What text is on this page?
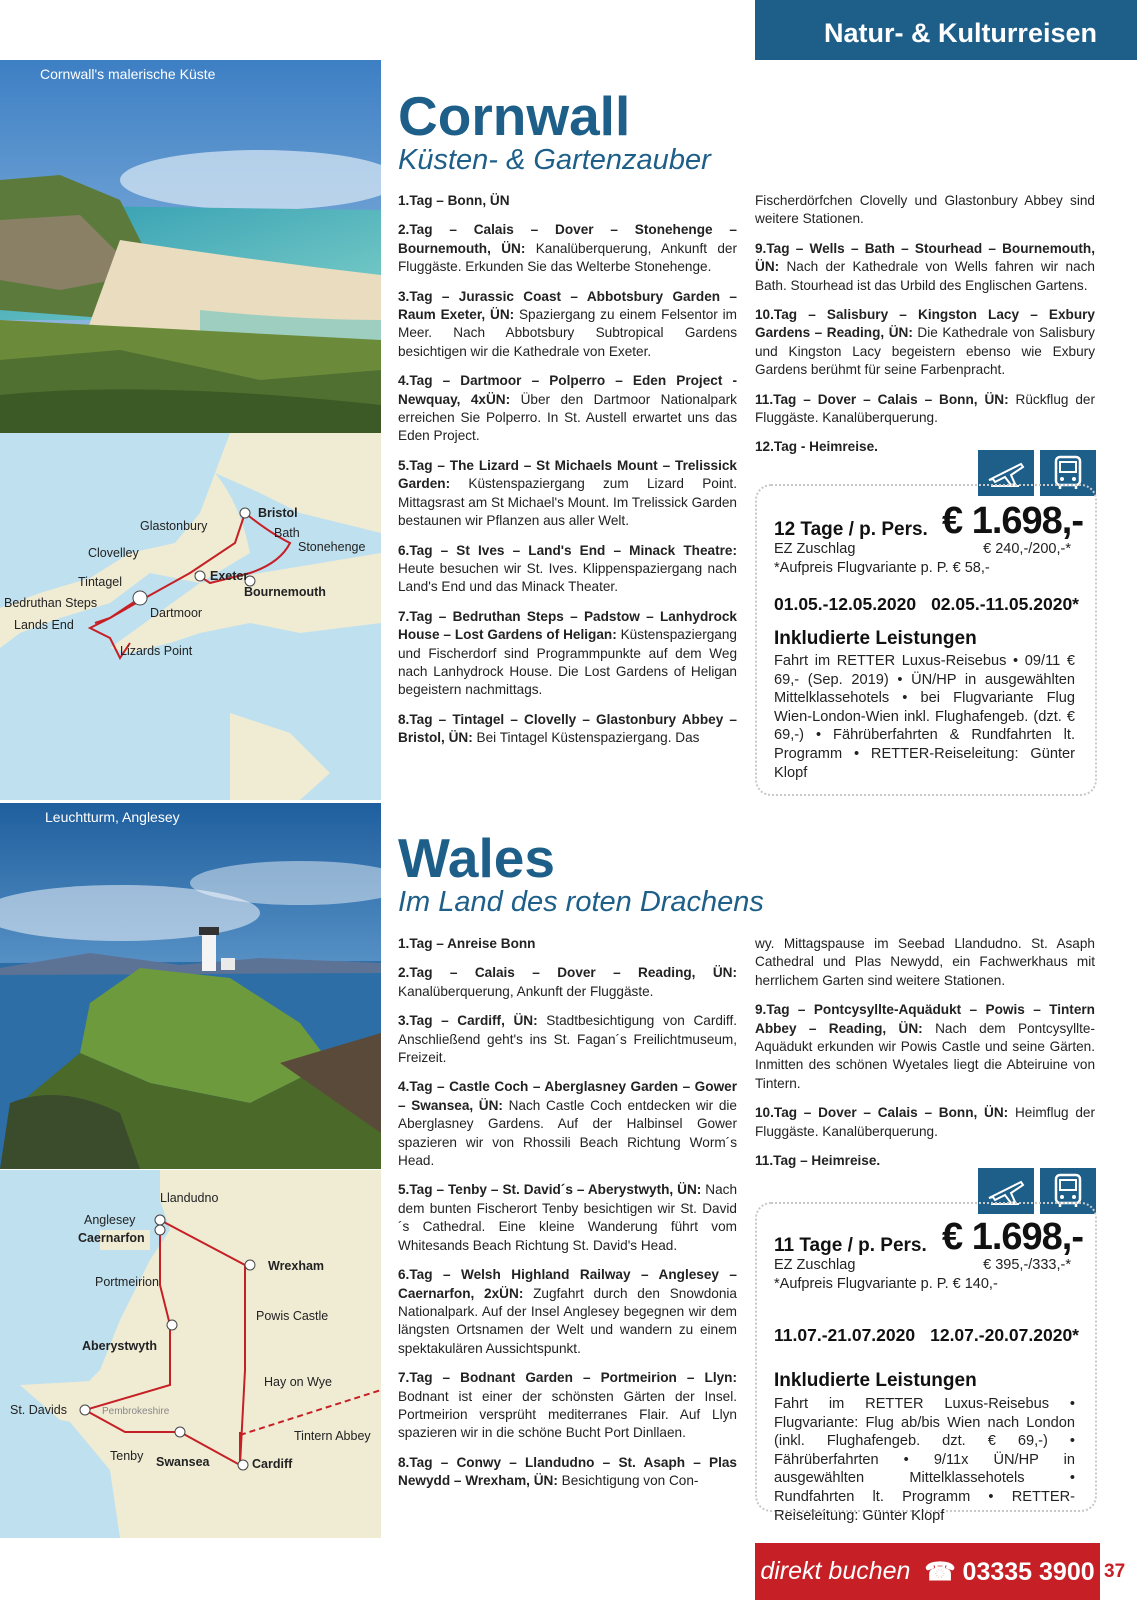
Natur- & Kulturreisen
Cornwall's malerische Küste
Bristol
Glastonbury	Bath
Stonehenge
Clovelley
Exeter
Tintagel
Bournemouth
Bedruthan Steps
Dartmoor
Lands End
Lizards Point
Cornwall
Küsten- & Gartenzauber

1.Tag – Bonn, ÜN

2.Tag – Calais – Dover – Stonehenge – Bournemouth, ÜN: Kanalüberquerung, Ankunft der Fluggäste. Erkunden Sie das Welterbe Stonehenge.

3.Tag – Jurassic Coast – Abbotsbury Garden – Raum Exeter, ÜN: Spaziergang zu einem Felsentor im Meer. Nach Abbotsbury Subtropical Gardens besichtigen wir die Kathedrale von Exeter.

4.Tag – Dartmoor – Polperro – Eden Project - Newquay, 4xÜN: Über den Dartmoor Nationalpark erreichen Sie Polperro. In St. Austell erwartet uns das Eden Project.

5.Tag – The Lizard – St Michaels Mount – Trelissick Garden: Küstenspaziergang zum Lizard Point. Mittagsrast am St Michael's Mount. Im Trelissick Garden bestaunen wir Pflanzen aus aller Welt.

6.Tag – St Ives – Land's End – Minack Theatre: Heute besuchen wir St. Ives. Klippenspaziergang nach Land's End und das Minack Theater.

7.Tag – Bedruthan Steps – Padstow – Lanhydrock House – Lost Gardens of Heligan: Küstenspaziergang und Fischerdorf sind Programmpunkte auf dem Weg nach Lanhydrock House. Die Lost Gardens of Heligan begeistern nachmittags.

8.Tag – Tintagel – Clovelly – Glastonbury Abbey – Bristol, ÜN: Bei Tintagel Küstenspaziergang. Das

Fischerdörfchen Clovelly und Glastonbury Abbey sind weitere Stationen.

9.Tag – Wells – Bath – Stourhead – Bournemouth, ÜN: Nach der Kathedrale von Wells fahren wir nach Bath. Stourhead ist das Urbild des Englischen Gartens.

10.Tag – Salisbury – Kingston Lacy – Exbury Gardens – Reading, ÜN: Die Kathedrale von Salisbury und Kingston Lacy begeistern ebenso wie Exbury Gardens berühmt für seine Farbenpracht.

11.Tag – Dover – Calais – Bonn, ÜN: Rückflug der Fluggäste. Kanalüberquerung.

12.Tag - Heimreise.

12 Tage / p. Pers. € 1.698,-
EZ Zuschlag	€ 240,-/200,-*
*Aufpreis Flugvariante p. P. € 58,-
01.05.-12.05.2020 02.05.-11.05.2020*
Inkludierte Leistungen
Fahrt im RETTER Luxus-Reisebus • 09/11 € 69,- (Sep. 2019) • ÜN/HP in ausgewählten Mittelklassehotels • bei Flugvariante Flug Wien-London-Wien inkl. Flughafengeb. (dzt. € 69,-) • Fährüberfahrten & Rundfahrten lt. Programm • RETTER-Reiseleitung: Günter Klopf
Leuchtturm, Anglesey
Llandudno
Anglesey
Caernarfon
Wrexham
Portmeirion
Powis Castle
Aberystwyth
Hay on Wye
St. Davids	Pembrokeshire
Tintern Abbey
Tenby Swansea	Cardiff
Wales
Im Land des roten Drachens

1.Tag – Anreise Bonn

2.Tag – Calais – Dover – Reading, ÜN: Kanalüberquerung, Ankunft der Fluggäste.

3.Tag – Cardiff, ÜN: Stadtbesichtigung von Cardiff. Anschließend geht's ins St. Fagan´s Freilichtmuseum, Freizeit.

4.Tag – Castle Coch – Aberglasney Garden – Gower – Swansea, ÜN: Nach Castle Coch entdecken wir die Aberglasney Gardens. Auf der Halbinsel Gower spazieren wir von Rhossili Beach Richtung Worm´s Head.

5.Tag – Tenby – St. David´s – Aberystwyth, ÜN: Nach dem bunten Fischerort Tenby besichtigen wir St. David´s Cathedral. Eine kleine Wanderung führt vom Whitesands Beach Richtung St. David's Head.

6.Tag – Welsh Highland Railway – Anglesey – Caernarfon, 2xÜN: Zugfahrt durch den Snowdonia Nationalpark. Auf der Insel Anglesey begegnen wir dem längsten Ortsnamen der Welt und wandern zu einem spektakulären Aussichtspunkt.

7.Tag – Bodnant Garden – Portmeirion – Llyn: Bodnant ist einer der schönsten Gärten der Insel. Portmeirion versprüht mediterranes Flair. Auf Llyn spazieren wir in die schöne Bucht Port Dinllaen.

8.Tag – Conwy – Llandudno – St. Asaph – Plas Newydd – Wrexham, ÜN: Besichtigung von Con-

wy. Mittagspause im Seebad Llandudno. St. Asaph Cathedral und Plas Newydd, ein Fachwerkhaus mit herrlichem Garten sind weitere Stationen.

9.Tag – Pontcysyllte-Aquädukt – Powis – Tintern Abbey – Reading, ÜN: Nach dem Pontcysyllte-Aquädukt erkunden wir Powis Castle und seine Gärten. Inmitten des schönen Wyetales liegt die Abteiruine von Tintern.

10.Tag – Dover – Calais – Bonn, ÜN: Heimflug der Fluggäste. Kanalüberquerung.

11.Tag – Heimreise.

11 Tage / p. Pers. € 1.698,-
EZ Zuschlag	€ 395,-/333,-*
*Aufpreis Flugvariante p. P. € 140,-
11.07.-21.07.2020 12.07.-20.07.2020*
Inkludierte Leistungen
Fahrt im RETTER Luxus-Reisebus • Flugvariante: Flug ab/bis Wien nach London (inkl. Flughafengeb. dzt. € 69,-) • Fährüberfahrten • 9/11x ÜN/HP in ausgewählten Mittelklassehotels • Rundfahrten lt. Programm • RETTER-Reiseleitung: Günter Klopf
direkt buchen ☎ 03335 3900 37
